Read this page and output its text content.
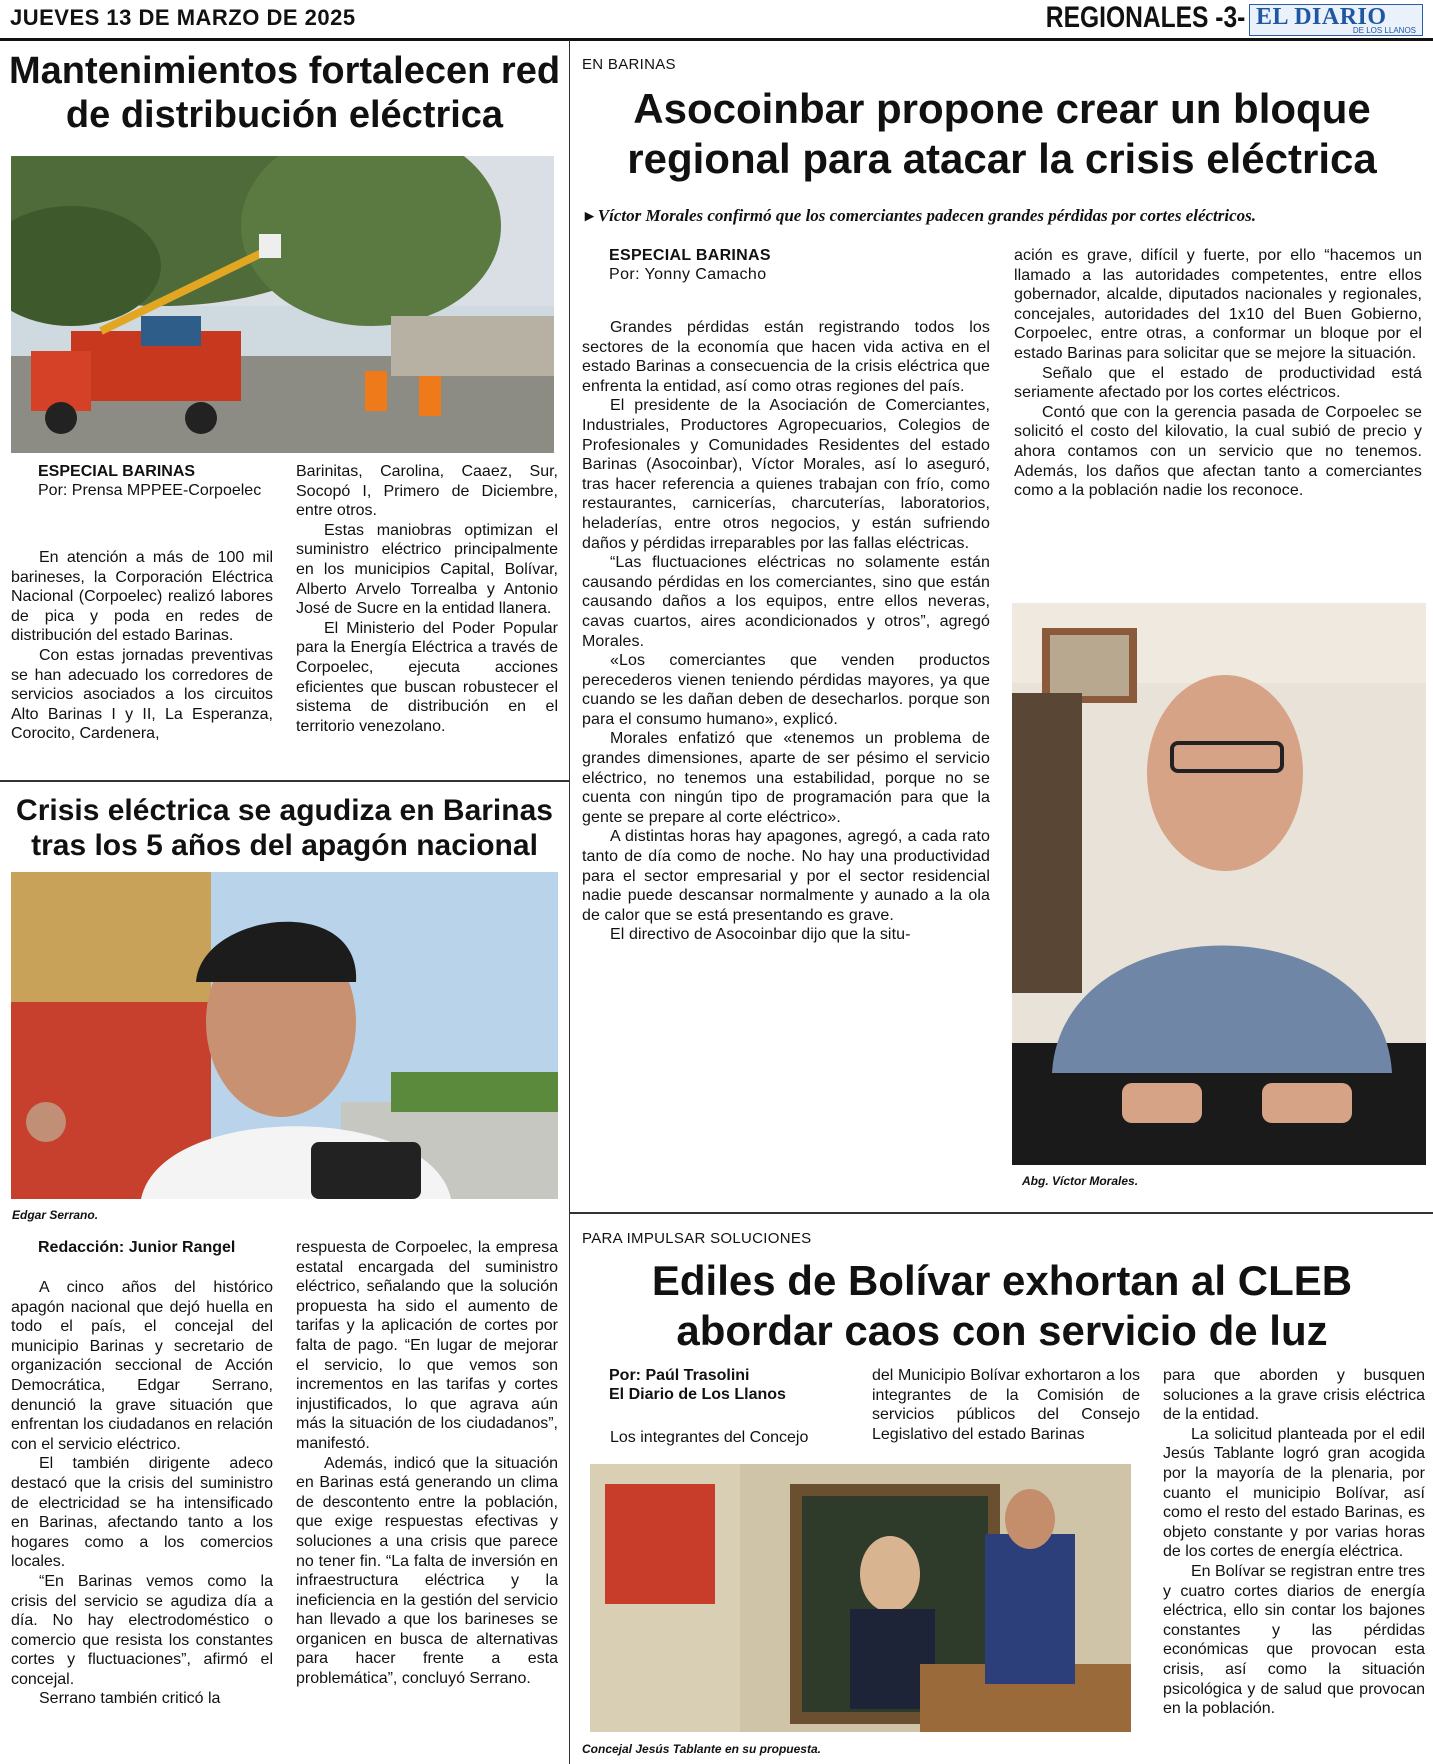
JUEVES 13 DE MARZO DE 2025	REGIONALES -3- EL DIARIO
DE LOS LLANOS
Mantenimientos fortalecen red de distribución eléctrica
ESPECIAL BARINAS
Por: Prensa MPPEE-Corpoelec

En atención a más de 100 mil barineses, la Corporación Eléctrica Nacional (Corpoelec) realizó labores de pica y poda en redes de distribución del estado Barinas.

Con estas jornadas preventivas se han adecuado los corredores de servicios asociados a los circuitos Alto Barinas I y II, La Esperanza, Corocito, Cardenera,

Barinitas, Carolina, Caaez, Sur, Socopó I, Primero de Diciembre, entre otros.

Estas maniobras optimizan el suministro eléctrico principalmente en los municipios Capital, Bolívar, Alberto Arvelo Torrealba y Antonio José de Sucre en la entidad llanera.

El Ministerio del Poder Popular para la Energía Eléctrica a través de Corpoelec, ejecuta acciones eficientes que buscan robustecer el sistema de distribución en el territorio venezolano.

Crisis eléctrica se agudiza en Barinas tras los 5 años del apagón nacional
Edgar Serrano.
Redacción: Junior Rangel

A cinco años del histórico apagón nacional que dejó huella en todo el país, el concejal del municipio Barinas y secretario de organización seccional de Acción Democrática, Edgar Serrano, denunció la grave situación que enfrentan los ciudadanos en relación con el servicio eléctrico.

El también dirigente adeco destacó que la crisis del suministro de electricidad se ha intensificado en Barinas, afectando tanto a los hogares como a los comercios locales.

“En Barinas vemos como la crisis del servicio se agudiza día a día. No hay electrodoméstico o comercio que resista los constantes cortes y fluctuaciones”, afirmó el concejal.

Serrano también criticó la

respuesta de Corpoelec, la empresa estatal encargada del suministro eléctrico, señalando que la solución propuesta ha sido el aumento de tarifas y la aplicación de cortes por falta de pago. “En lugar de mejorar el servicio, lo que vemos son incrementos en las tarifas y cortes injustificados, lo que agrava aún más la situación de los ciudadanos”, manifestó.

Además, indicó que la situación en Barinas está generando un clima de descontento entre la población, que exige respuestas efectivas y soluciones a una crisis que parece no tener fin. “La falta de inversión en infraestructura eléctrica y la ineficiencia en la gestión del servicio han llevado a que los barineses se organicen en busca de alternativas para hacer frente a esta problemática”, concluyó Serrano.

EN BARINAS
Asocoinbar propone crear un bloque regional para atacar la crisis eléctrica
▸ Víctor Morales confirmó que los comerciantes padecen grandes pérdidas por cortes eléctricos.
ESPECIAL BARINAS
Por: Yonny Camacho

Grandes pérdidas están registrando todos los sectores de la economía que hacen vida activa en el estado Barinas a consecuencia de la crisis eléctrica que enfrenta la entidad, así como otras regiones del país.

El presidente de la Asociación de Comerciantes, Industriales, Productores Agropecuarios, Colegios de Profesionales y Comunidades Residentes del estado Barinas (Asocoinbar), Víctor Morales, así lo aseguró, tras hacer referencia a quienes trabajan con frío, como restaurantes, carnicerías, charcuterías, laboratorios, heladerías, entre otros negocios, y están sufriendo daños y pérdidas irreparables por las fallas eléctricas.

“Las fluctuaciones eléctricas no solamente están causando pérdidas en los comerciantes, sino que están causando daños a los equipos, entre ellos neveras, cavas cuartos, aires acondicionados y otros”, agregó Morales.

«Los comerciantes que venden productos perecederos vienen teniendo pérdidas mayores, ya que cuando se les dañan deben de desecharlos. porque son para el consumo humano», explicó.

Morales enfatizó que «tenemos un problema de grandes dimensiones, aparte de ser pésimo el servicio eléctrico, no tenemos una estabilidad, porque no se cuenta con ningún tipo de programación para que la gente se prepare al corte eléctrico».

A distintas horas hay apagones, agregó, a cada rato tanto de día como de noche. No hay una productividad para el sector empresarial y por el sector residencial nadie puede descansar normalmente y aunado a la ola de calor que se está presentando es grave.

El directivo de Asocoinbar dijo que la situ-

ación es grave, difícil y fuerte, por ello “hacemos un llamado a las autoridades competentes, entre ellos gobernador, alcalde, diputados nacionales y regionales, concejales, autoridades del 1x10 del Buen Gobierno, Corpoelec, entre otras, a conformar un bloque por el estado Barinas para solicitar que se mejore la situación.

Señalo que el estado de productividad está seriamente afectado por los cortes eléctricos.

Contó que con la gerencia pasada de Corpoelec se solicitó el costo del kilovatio, la cual subió de precio y ahora contamos con un servicio que no tenemos. Además, los daños que afectan tanto a comerciantes como a la población nadie los reconoce.

Abg. Víctor Morales.
PARA IMPULSAR SOLUCIONES
Ediles de Bolívar exhortan al CLEB abordar caos con servicio de luz
Por: Paúl Trasolini
El Diario de Los Llanos

Los integrantes del Concejo

del Municipio Bolívar exhortaron a los integrantes de la Comisión de servicios públicos del Consejo Legislativo del estado Barinas

Concejal Jesús Tablante en su propuesta.

para que aborden y busquen soluciones a la grave crisis eléctrica de la entidad.

La solicitud planteada por el edil Jesús Tablante logró gran acogida por la mayoría de la plenaria, por cuanto el municipio Bolívar, así como el resto del estado Barinas, es objeto constante y por varias horas de los cortes de energía eléctrica.

En Bolívar se registran entre tres y cuatro cortes diarios de energía eléctrica, ello sin contar los bajones constantes y las pérdidas económicas que provocan esta crisis, así como la situación psicológica y de salud que provocan en la población.
